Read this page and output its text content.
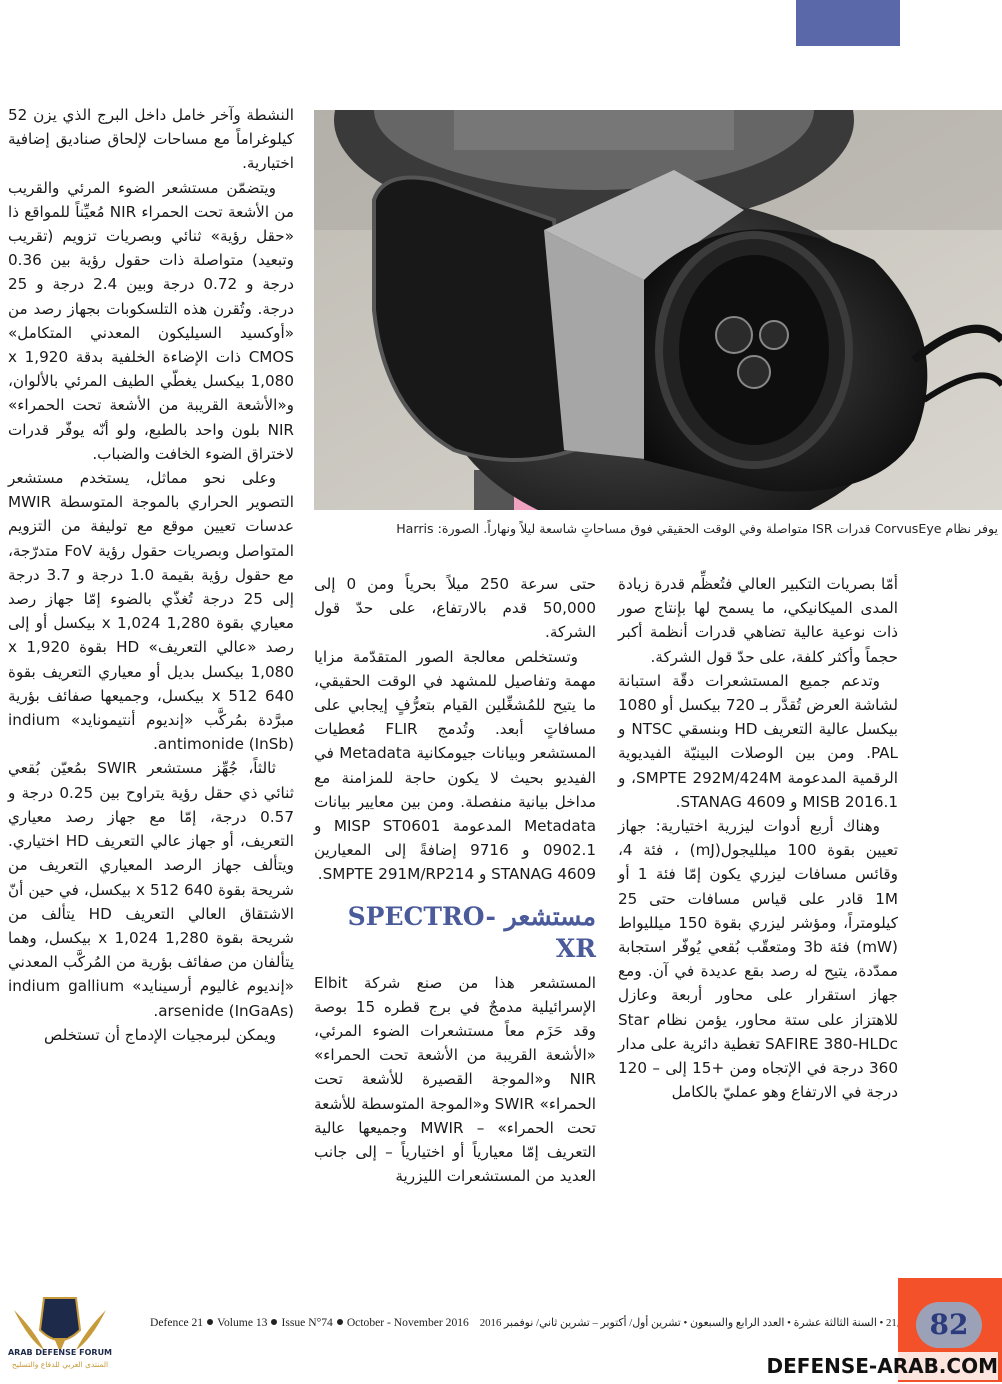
يوفر نظام CorvusEye قدرات ISR متواصلة وفي الوقت الحقيقي فوق مساحاتٍ شاسعة ليلاً ونهاراً. الصورة: Harris

أمّا بصريات التكبير العالي فتُعظِّم قدرة زيادة المدى الميكانيكي، ما يسمح لها بإنتاج صور ذات نوعية عالية تضاهي قدرات أنظمة أكبر حجماً وأكثر كلفة، على حدّ قول الشركة.

وتدعم جميع المستشعرات دقّة استبانة لشاشة العرض تُقدَّر بـ 720 بيكسل أو 1080 بيكسل عالية التعريف HD وبنسقي NTSC و PAL. ومن بين الوصلات البينيّة الفيديوية الرقمية المدعومة SMPTE 292M/424M، و 2016.1 MISB و STANAG 4609.

وهناك أربع أدوات ليزرية اختيارية: جهاز تعيين بقوة 100 ميلليجول(mJ) ، فئة 4، وقائس مسافات ليزري يكون إمّا فئة 1 أو 1M قادر على قياس مسافات حتى 25 كيلومتراً، ومؤشر ليزري بقوة 150 ميلليواط (mW) فئة 3b ومتعقّب بُقعي يُوفّر استجابة ممدّدة، يتيح له رصد بقع عديدة في آن. ومع جهاز استقرار على محاور أربعة وعازل للاهتزاز على ستة محاور، يؤمن نظام Star SAFIRE 380-HLDc تغطية دائرية على مدار 360 درجة في الإتجاه ومن +15 إلى – 120 درجة في الارتفاع وهو عمليّ بالكامل

حتى سرعة 250 ميلاً بحرياً ومن 0 إلى 50,000 قدم بالارتفاع، على حدّ قول الشركة.

وتستخلص معالجة الصور المتقدّمة مزايا مهمة وتفاصيل للمشهد في الوقت الحقيقي، ما يتيح للمُشغِّلين القيام بتعرُّفٍ إيجابي على مسافاتٍ أبعد. وتُدمج FLIR مُعطيات المستشعر وبيانات جيومكانية Metadata في الفيديو بحيث لا يكون حاجة للمزامنة مع مداخل بيانية منفصلة. ومن بين معايير بيانات Metadata المدعومة MISP ST0601 و 0902.1 و 9716 إضافةً إلى المعيارين STANAG 4609 و SMPTE 291M/RP214.

مستشعر SPECTRO-XR

المستشعر هذا من صنع شركة Elbit الإسرائيلية مدمجٌ في برج قطره 15 بوصة وقد حَزَم معاً مستشعرات الضوء المرئي، «الأشعة القريبة من الأشعة تحت الحمراء» NIR و«الموجة القصيرة للأشعة تحت الحمراء» SWIR و«الموجة المتوسطة للأشعة تحت الحمراء» – MWIR وجميعها عالية التعريف إمّا معيارياً أو اختيارياً – إلى جانب العديد من المستشعرات الليزرية

النشطة وآخر خامل داخل البرج الذي يزن 52 كيلوغراماً مع مساحات لإلحاق صناديق إضافية اختيارية.

ويتضمّن مستشعر الضوء المرئي والقريب من الأشعة تحت الحمراء NIR مُعيِّناً للمواقع ذا «حقل رؤية» ثنائي وبصريات تزويم (تقريب وتبعيد) متواصلة ذات حقول رؤية بين 0.36 درجة و 0.72 درجة وبين 2.4 درجة و 25 درجة. وتُقرن هذه التلسكوبات بجهاز رصد من «أوكسيد السيليكون المعدني المتكامل» CMOS ذات الإضاءة الخلفية بدقة 1,920 x 1,080 بيكسل يغطّي الطيف المرئي بالألوان، و«الأشعة القريبة من الأشعة تحت الحمراء» NIR بلون واحد بالطبع، ولو أنّه يوفّر قدرات لاختراق الضوء الخافت والضباب.

وعلى نحو مماثل، يستخدم مستشعر التصوير الحراري بالموجة المتوسطة MWIR عدسات تعيين موقع مع توليفة من التزويم المتواصل وبصريات حقول رؤية FoV متدرّجة، مع حقول رؤية بقيمة 1.0 درجة و 3.7 درجة إلى 25 درجة تُغذّي بالضوء إمّا جهاز رصد معياري بقوة 1,280 x 1,024 بيكسل أو إلى رصد «عالي التعريف» HD بقوة 1,920 x 1,080 بيكسل بديل أو معياري التعريف بقوة 640 x 512 بيكسل، وجميعها صفائف بؤرية مبرَّدة بمُركَّب «إنديوم أنتيمونايد» indium antimonide (InSb).

ثالثاً، جُهِّز مستشعر SWIR بمُعيّن بُقعي ثنائي ذي حقل رؤية يتراوح بين 0.25 درجة و 0.57 درجة، إمّا مع جهاز رصد معياري التعريف، أو جهاز عالي التعريف HD اختياري. ويتألف جهاز الرصد المعياري التعريف من شريحة بقوة 640 x 512 بيكسل، في حين أنّ الاشتقاق العالي التعريف HD يتألف من شريحة بقوة 1,280 x 1,024 بيكسل، وهما يتألفان من صفائف بؤرية من المُركَّب المعدني «إنديوم غاليوم أرسيناید» indium gallium arsenide (InGaAs).

ويمكن لبرمجيات الإدماج أن تستخلص

Defence 21 Volume 13 Issue N°74 October - November 2016	21 • السنة الثالثة عشرة • العدد الرابع والسبعون • تشرين أول/ أكتوبر – تشرين ثاني/ نوفمبر 2016	82
DEFENSE-ARAB.COM
DA
ARAB DEFENSE FORUM
المنتدى العربي للدفاع والتسليح
